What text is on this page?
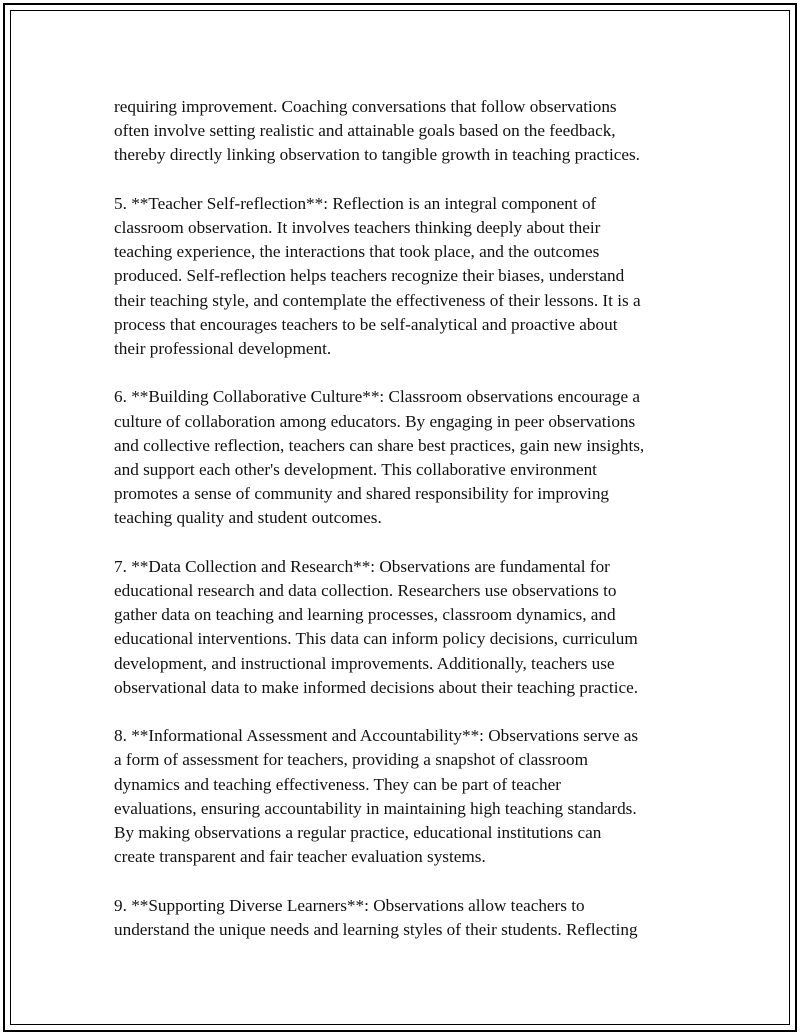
requiring improvement. Coaching conversations that follow observations
often involve setting realistic and attainable goals based on the feedback,
thereby directly linking observation to tangible growth in teaching practices.

5. **Teacher Self-reflection**: Reflection is an integral component of
classroom observation. It involves teachers thinking deeply about their
teaching experience, the interactions that took place, and the outcomes
produced. Self-reflection helps teachers recognize their biases, understand
their teaching style, and contemplate the effectiveness of their lessons. It is a
process that encourages teachers to be self-analytical and proactive about
their professional development.

6. **Building Collaborative Culture**: Classroom observations encourage a
culture of collaboration among educators. By engaging in peer observations
and collective reflection, teachers can share best practices, gain new insights,
and support each other's development. This collaborative environment
promotes a sense of community and shared responsibility for improving
teaching quality and student outcomes.

7. **Data Collection and Research**: Observations are fundamental for
educational research and data collection. Researchers use observations to
gather data on teaching and learning processes, classroom dynamics, and
educational interventions. This data can inform policy decisions, curriculum
development, and instructional improvements. Additionally, teachers use
observational data to make informed decisions about their teaching practice.

8. **Informational Assessment and Accountability**: Observations serve as
a form of assessment for teachers, providing a snapshot of classroom
dynamics and teaching effectiveness. They can be part of teacher
evaluations, ensuring accountability in maintaining high teaching standards.
By making observations a regular practice, educational institutions can
create transparent and fair teacher evaluation systems.

9. **Supporting Diverse Learners**: Observations allow teachers to
understand the unique needs and learning styles of their students. Reflecting
